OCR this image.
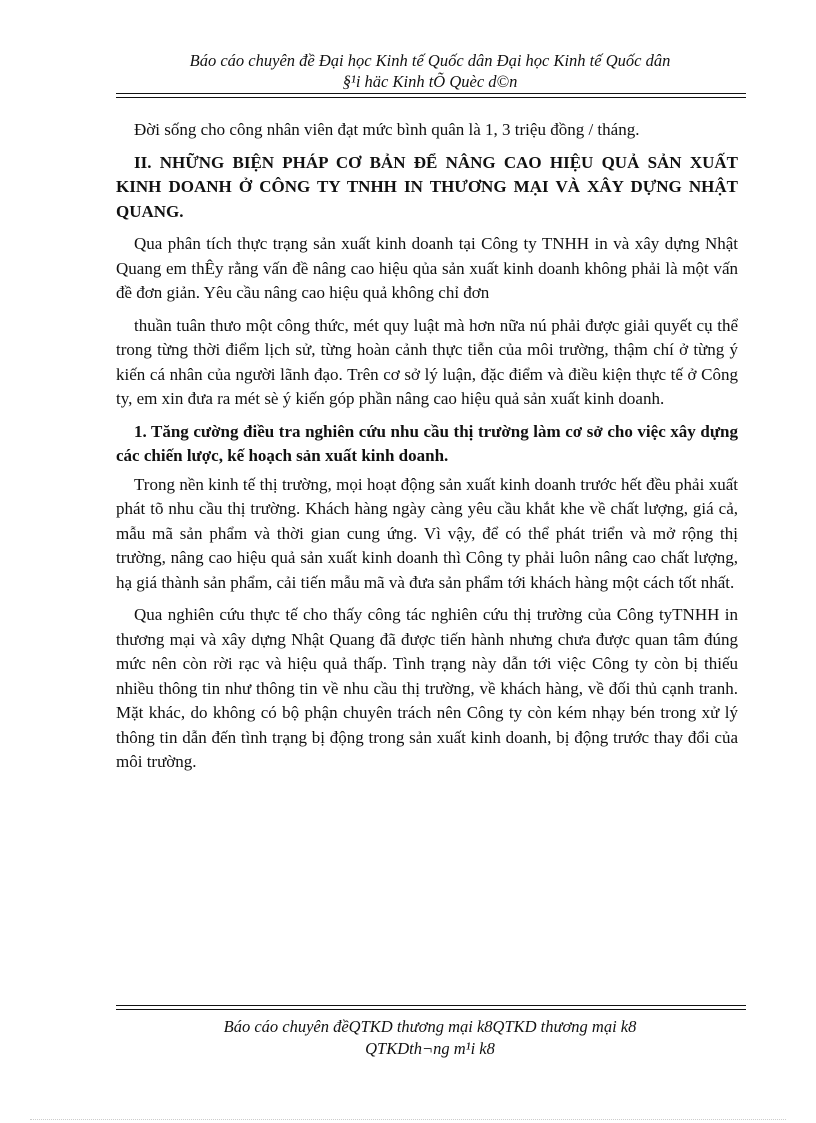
Báo cáo chuyên đề Đại học Kinh tế Quốc dân Đại học Kinh tế Quốc dân
§¹i häc Kinh tÕ Quèc d©n

Đời sống cho công nhân viên đạt mức bình quân là 1, 3 triệu đồng / tháng.

II. NHỮNG BIỆN PHÁP CƠ BẢN ĐỂ NÂNG CAO HIỆU QUẢ SẢN XUẤT KINH DOANH Ở CÔNG TY TNHH IN THƯƠNG MẠI VÀ XÂY DỰNG NHẬT QUANG.

Qua phân tích thực trạng sản xuất kinh doanh tại Công ty TNHH in và xây dựng Nhật Quang em thÊy rằng vấn đề nâng cao hiệu qủa sản xuất kinh doanh không phải là một vấn đề đơn giản. Yêu cầu nâng cao hiệu quả không chỉ đơn

thuần tuân thưo một công thức, mét quy luật mà hơn nữa nú phải được giải quyết cụ thể trong từng thời điểm lịch sử, từng hoàn cảnh thực tiễn của môi trường, thậm chí ở từng ý kiến cá nhân của người lãnh đạo. Trên cơ sở lý luận, đặc điểm và điều kiện thực tế ở Công ty, em xin đưa ra mét sè ý kiến góp phần nâng cao hiệu quả sản xuất kinh doanh.

1. Tăng cường điều tra nghiên cứu nhu cầu thị trường làm cơ sở cho việc xây dựng các chiến lược, kế hoạch sản xuất kinh doanh.

Trong nền kinh tế thị trường, mọi hoạt động sản xuất kinh doanh trước hết đều phải xuất phát tõ nhu cầu thị trường. Khách hàng ngày càng yêu cầu khắt khe về chất lượng, giá cả, mẫu mã sản phẩm và thời gian cung ứng. Vì vậy, để có thể phát triển và mở rộng thị trường, nâng cao hiệu quả sản xuất kinh doanh thì Công ty phải luôn nâng cao chất lượng, hạ giá thành sản phẩm, cải tiến mẫu mã và đưa sản phẩm tới khách hàng một cách tốt nhất.

Qua nghiên cứu thực tế cho thấy công tác nghiên cứu thị trường của Công tyTNHH in thương mại và xây dựng Nhật Quang đã được tiến hành nhưng chưa được quan tâm đúng mức nên còn rời rạc và hiệu quả thấp. Tình trạng này dẫn tới việc Công ty còn bị thiếu nhiều thông tin như thông tin về nhu cầu thị trường, về khách hàng, về đối thủ cạnh tranh. Mặt khác, do không có bộ phận chuyên trách nên Công ty còn kém nhạy bén trong xử lý thông tin dẫn đến tình trạng bị động trong sản xuất kinh doanh, bị động trước thay đổi của môi trường.

Báo cáo chuyên đềQTKD thương mại k8QTKD thương mại k8
QTKDth¬ng m¹i k8
